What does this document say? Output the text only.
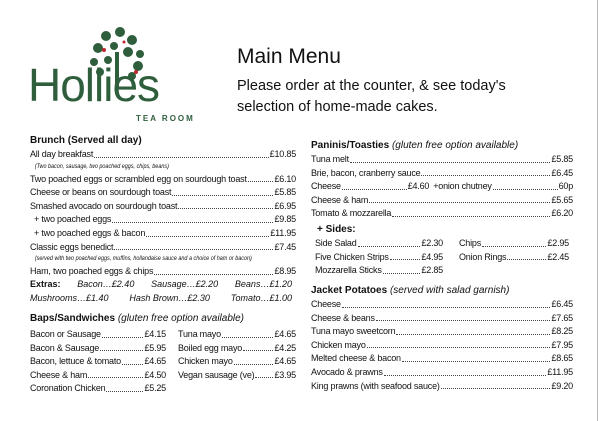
Hollies
TEA ROOM
Main Menu
Please order at the counter, & see today's
selection of home-made cakes.
Brunch (Served all day)
All day breakfast	£10.85
(Two bacon, sausage, two poached eggs, chips, beans)
Two poached eggs or scrambled egg on sourdough toast	£6.10
Cheese or beans on sourdough toast	£5.85
Smashed avocado on sourdough toast	£6.95
+ two poached eggs	£9.85
+ two poached eggs & bacon	£11.95
Classic eggs benedict	£7.45
(served with two poached eggs, muffins, hollandaise sauce and a choice of ham or bacon)
Ham, two poached eggs & chips	£8.95
Extras: Bacon…£2.40 Sausage…£2.20 Beans…£1.20
Mushrooms…£1.40 Hash Brown…£2.30 Tomato…£1.00
Baps/Sandwiches (gluten free option available)
Bacon or Sausage	£4.15
Bacon & Sausage	£5.95
Bacon, lettuce & tomato	£4.65
Cheese & ham	£4.50
Coronation Chicken	£5.25
Tuna mayo	£4.65
Boiled egg mayo	£4.25
Chicken mayo	£4.65
Vegan sausage (ve) £3.95
Paninis/Toasties (gluten free option available)
Tuna melt	£5.85
Brie, bacon, cranberry sauce	£6.45
Cheese	£4.60 +onion chutney	60p
Cheese & ham	£5.65
Tomato & mozzarella	£6.20
+ Sides:
Side Salad	£2.30
Five Chicken Strips	£4.95
Mozzarella Sticks	£2.85
Chips	£2.95
Onion Rings	£2.45
Jacket Potatoes (served with salad garnish)
Cheese	£6.45
Cheese & beans	£7.65
Tuna mayo sweetcorn	£8.25
Chicken mayo	£7.95
Melted cheese & bacon	£8.65
Avocado & prawns	£11.95
King prawns (with seafood sauce)	£9.20
